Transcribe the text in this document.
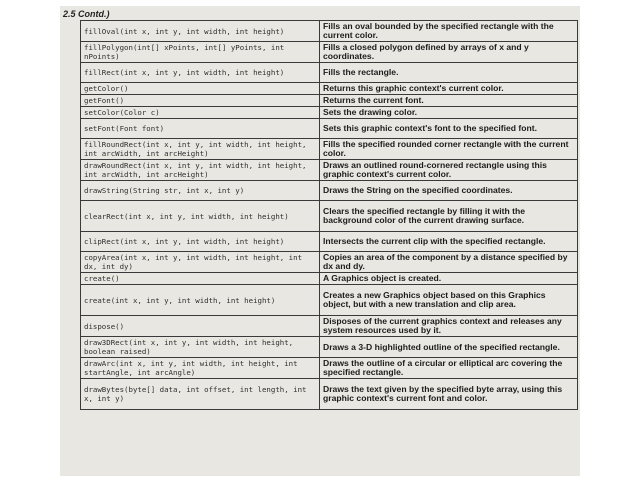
2.5 Contd.)
fillOval(int x, int y, int width, int height)	Fills an oval bounded by the specified rectangle with the current color.
fillPolygon(int[] xPoints, int[] yPoints, int nPoints)	Fills a closed polygon defined by arrays of x and y coordinates.
fillRect(int x, int y, int width, int height)	Fills the rectangle.
getColor()	Returns this graphic context's current color.
getFont()	Returns the current font.
setColor(Color c)	Sets the drawing color.
setFont(Font font)	Sets this graphic context's font to the specified font.
fillRoundRect(int x, int y, int width, int height, int arcWidth, int arcHeight)	Fills the specified rounded corner rectangle with the current color.
drawRoundRect(int x, int y, int width, int height, int arcWidth, int arcHeight)	Draws an outlined round-cornered rectangle using this graphic context's current color.
drawString(String str, int x, int y)	Draws the String on the specified coordinates.
clearRect(int x, int y, int width, int height)	Clears the specified rectangle by filling it with the background color of the current drawing surface.
clipRect(int x, int y, int width, int height)	Intersects the current clip with the specified rectangle.
copyArea(int x, int y, int width, int height, int dx, int dy)	Copies an area of the component by a distance specified by dx and dy.
create()	A Graphics object is created.
create(int x, int y, int width, int height)	Creates a new Graphics object based on this Graphics object, but with a new translation and clip area.
dispose()	Disposes of the current graphics context and releases any system resources used by it.
draw3DRect(int x, int y, int width, int height, boolean raised)	Draws a 3-D highlighted outline of the specified rectangle.
drawArc(int x, int y, int width, int height, int startAngle, int arcAngle)	Draws the outline of a circular or elliptical arc covering the specified rectangle.
drawBytes(byte[] data, int offset, int length, int x, int y)	Draws the text given by the specified byte array, using this graphic context's current font and color.
